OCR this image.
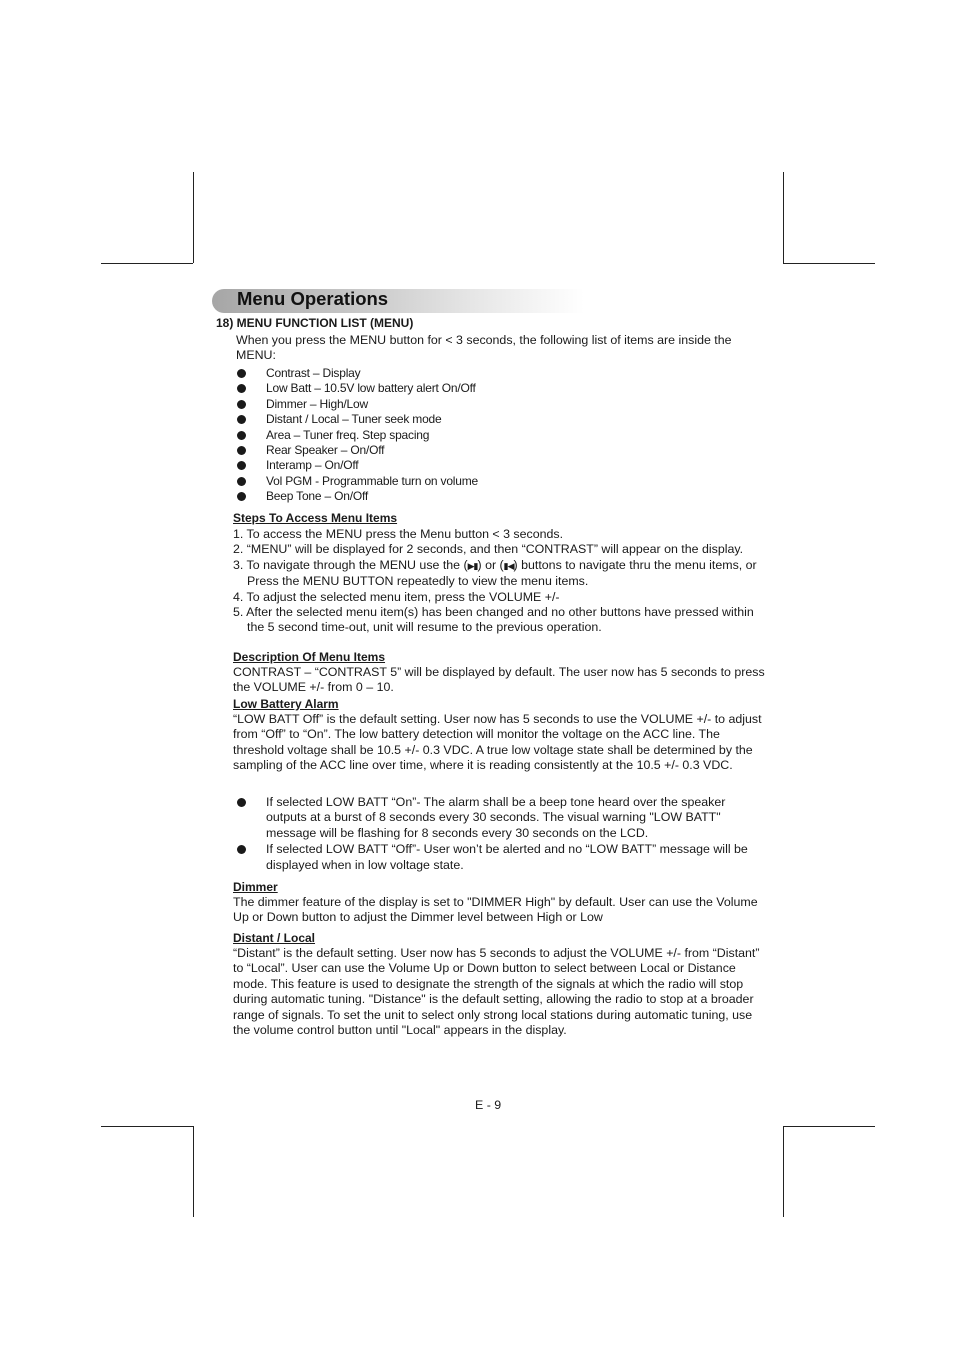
Menu Operations
18) MENU FUNCTION LIST (MENU)
When you press the MENU button for < 3 seconds, the following list of items are inside the MENU:
Contrast – Display
Low Batt – 10.5V low battery alert On/Off
Dimmer – High/Low
Distant / Local – Tuner seek mode
Area – Tuner freq. Step spacing
Rear Speaker – On/Off
Interamp – On/Off
Vol PGM - Programmable turn on volume
Beep Tone – On/Off
Steps To Access Menu Items
1. To access the MENU press the Menu button < 3 seconds.
2. “MENU” will be displayed for 2 seconds, and then “CONTRAST” will appear on the display.
3. To navigate through the MENU use the (▶▮) or (▮◀) buttons to navigate thru the menu items, or Press the MENU BUTTON repeatedly to view the menu items.
4. To adjust the selected menu item, press the VOLUME +/-
5. After the selected menu item(s) has been changed and no other buttons have pressed within the 5 second time-out, unit will resume to the previous operation.
Description Of Menu Items
CONTRAST – “CONTRAST 5” will be displayed by default. The user now has 5 seconds to press the VOLUME +/- from 0 – 10.
Low Battery Alarm
“LOW BATT Off” is the default setting. User now has 5 seconds to use the VOLUME +/- to adjust from “Off” to “On”. The low battery detection will monitor the voltage on the ACC line. The threshold voltage shall be 10.5 +/- 0.3 VDC. A true low voltage state shall be determined by the sampling of the ACC line over time, where it is reading consistently at the 10.5 +/- 0.3 VDC.
If selected LOW BATT “On”- The alarm shall be a beep tone heard over the speaker outputs at a burst of 8 seconds every 30 seconds. The visual warning "LOW BATT" message will be flashing for 8 seconds every 30 seconds on the LCD.
If selected LOW BATT “Off”- User won’t be alerted and no “LOW BATT” message will be displayed when in low voltage state.
Dimmer
The dimmer feature of the display is set to "DIMMER High" by default. User can use the Volume Up or Down button to adjust the Dimmer level between High or Low
Distant / Local
“Distant” is the default setting. User now has 5 seconds to adjust the VOLUME +/- from “Distant” to “Local”. User can use the Volume Up or Down button to select between Local or Distance mode. This feature is used to designate the strength of the signals at which the radio will stop during automatic tuning. "Distance" is the default setting, allowing the radio to stop at a broader range of signals. To set the unit to select only strong local stations during automatic tuning, use the volume control button until "Local" appears in the display.
E - 9
